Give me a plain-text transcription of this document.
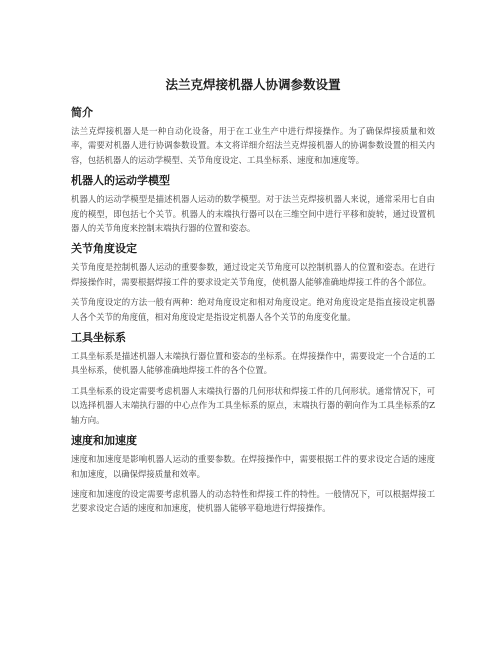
法兰克焊接机器人协调参数设置
简介

法兰克焊接机器人是一种自动化设备，用于在工业生产中进行焊接操作。为了确保焊接质量和效率，需要对机器人进行协调参数设置。本文将详细介绍法兰克焊接机器人的协调参数设置的相关内容，包括机器人的运动学模型、关节角度设定、工具坐标系、速度和加速度等。

机器人的运动学模型

机器人的运动学模型是描述机器人运动的数学模型。对于法兰克焊接机器人来说，通常采用七自由度的模型，即包括七个关节。机器人的末端执行器可以在三维空间中进行平移和旋转，通过设置机器人的关节角度来控制末端执行器的位置和姿态。

关节角度设定

关节角度是控制机器人运动的重要参数，通过设定关节角度可以控制机器人的位置和姿态。在进行焊接操作时，需要根据焊接工件的要求设定关节角度，使机器人能够准确地焊接工件的各个部位。

关节角度设定的方法一般有两种：绝对角度设定和相对角度设定。绝对角度设定是指直接设定机器人各个关节的角度值，相对角度设定是指设定机器人各个关节的角度变化量。

工具坐标系

工具坐标系是描述机器人末端执行器位置和姿态的坐标系。在焊接操作中，需要设定一个合适的工具坐标系，使机器人能够准确地焊接工件的各个位置。

工具坐标系的设定需要考虑机器人末端执行器的几何形状和焊接工件的几何形状。通常情况下，可以选择机器人末端执行器的中心点作为工具坐标系的原点，末端执行器的朝向作为工具坐标系的Z轴方向。

速度和加速度

速度和加速度是影响机器人运动的重要参数。在焊接操作中，需要根据工件的要求设定合适的速度和加速度，以确保焊接质量和效率。

速度和加速度的设定需要考虑机器人的动态特性和焊接工件的特性。一般情况下，可以根据焊接工艺要求设定合适的速度和加速度，使机器人能够平稳地进行焊接操作。
